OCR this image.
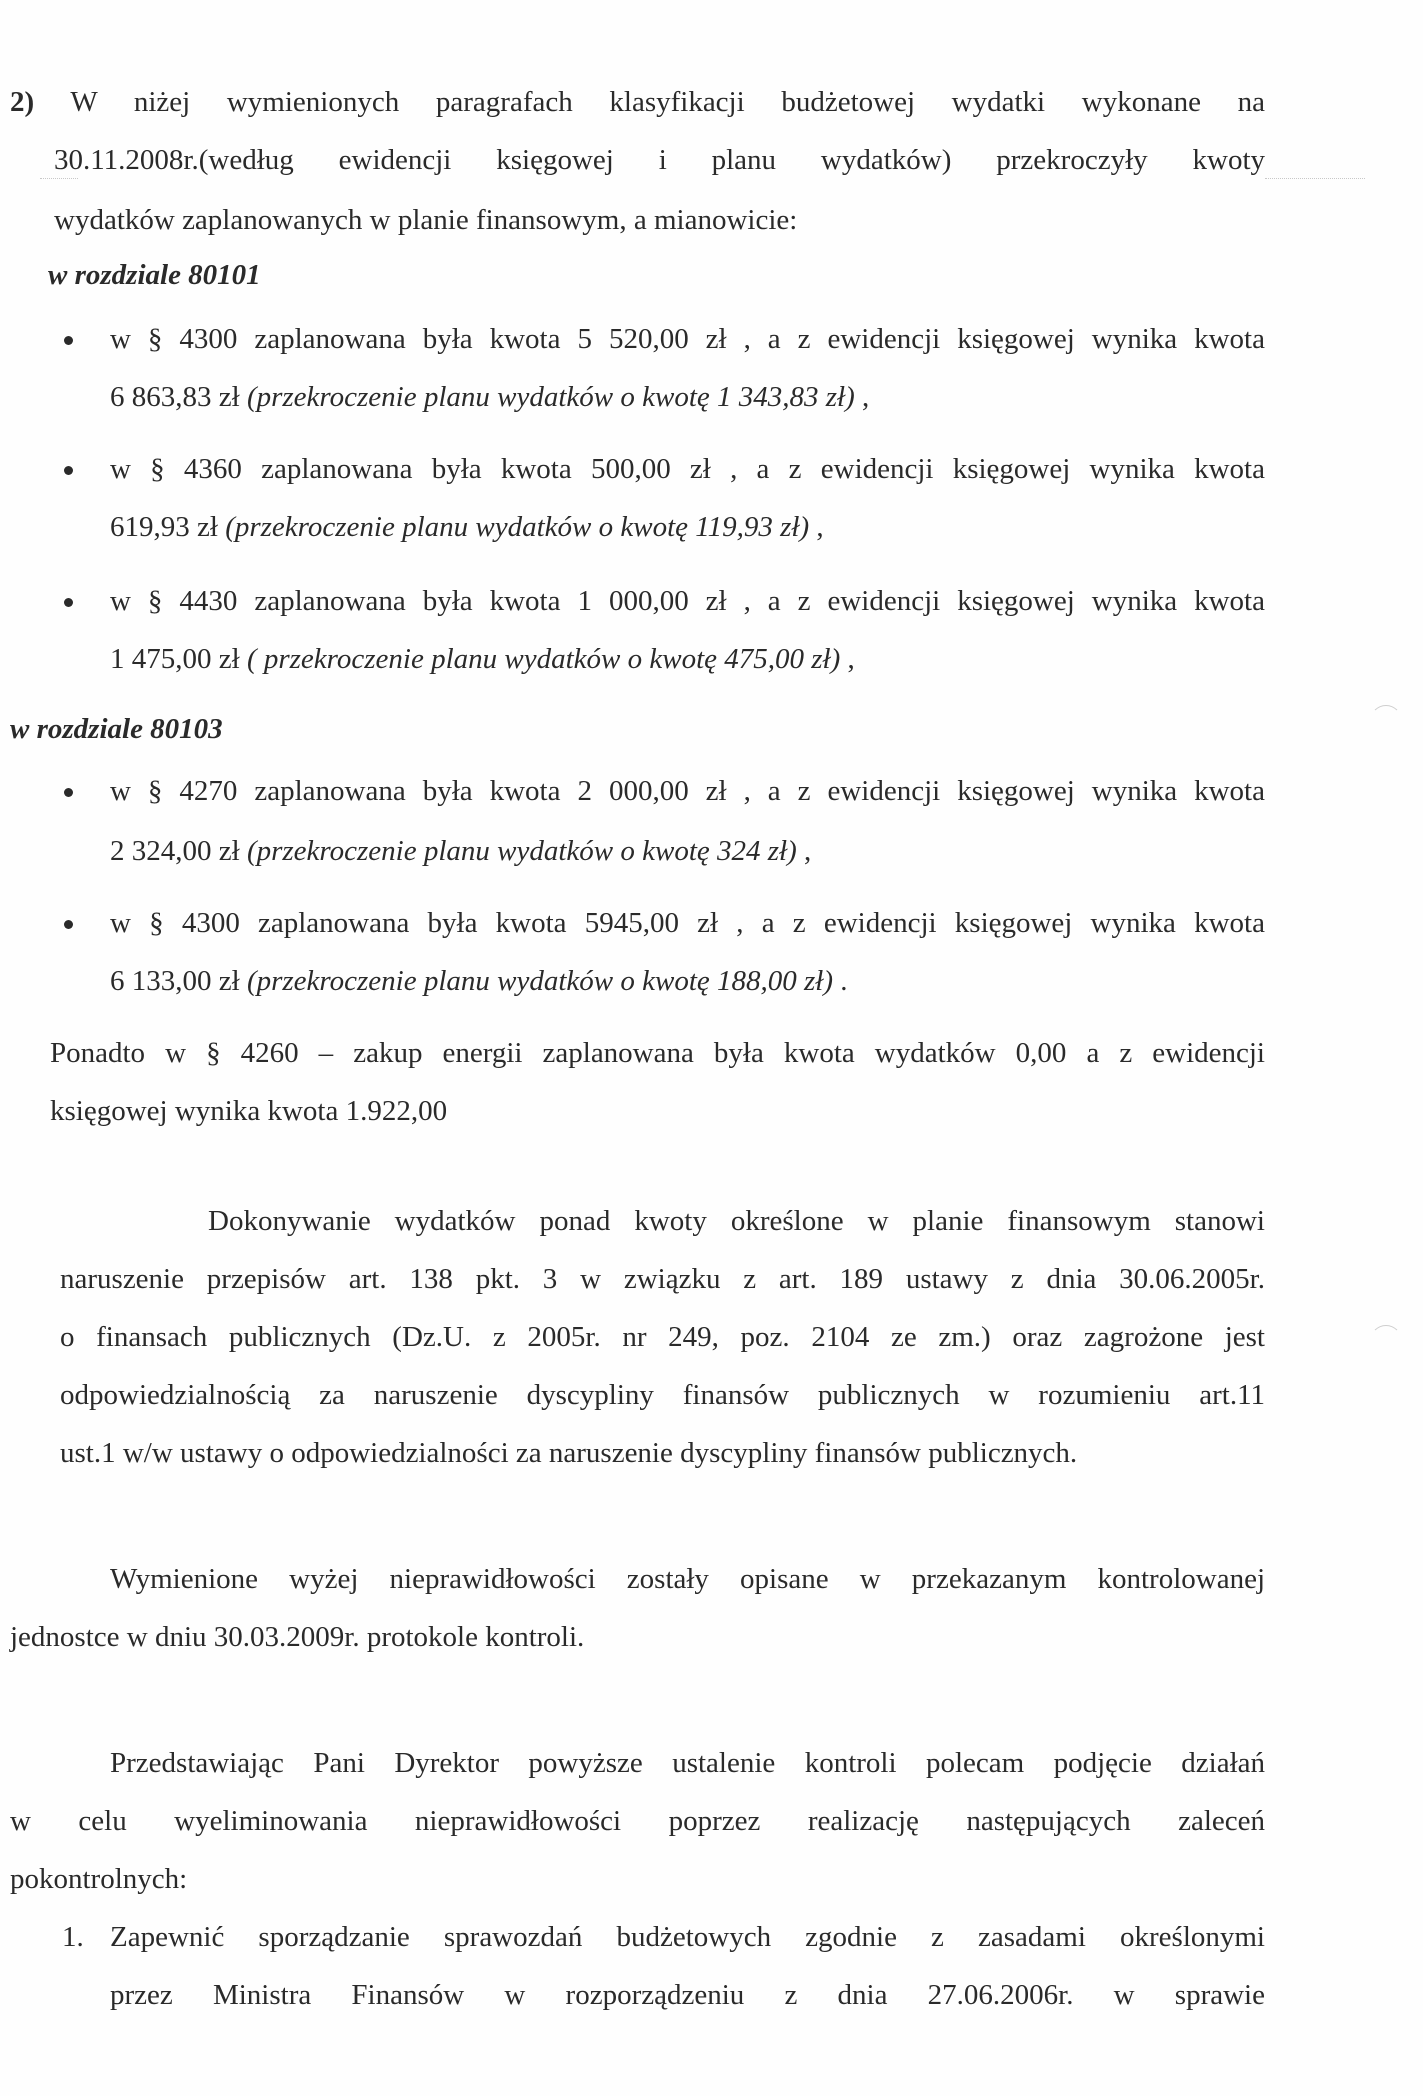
2) W niżej wymienionych paragrafach klasyfikacji budżetowej wydatki wykonane na
30.11.2008r.(według ewidencji księgowej i planu wydatków) przekroczyły kwoty
wydatków zaplanowanych w planie finansowym, a mianowicie:
w rozdziale 80101
w § 4300 zaplanowana była kwota 5 520,00 zł , a z ewidencji księgowej wynika kwota
6 863,83 zł (przekroczenie planu wydatków o kwotę 1 343,83 zł) ,
w § 4360 zaplanowana była kwota 500,00 zł , a z ewidencji księgowej wynika kwota
619,93 zł (przekroczenie planu wydatków o kwotę 119,93 zł) ,
w § 4430 zaplanowana była kwota 1 000,00 zł , a z ewidencji księgowej wynika kwota
1 475,00 zł ( przekroczenie planu wydatków o kwotę 475,00 zł) ,
w rozdziale 80103
w § 4270 zaplanowana była kwota 2 000,00 zł , a z ewidencji księgowej wynika kwota
2 324,00 zł (przekroczenie planu wydatków o kwotę 324 zł) ,
w § 4300 zaplanowana była kwota 5945,00 zł , a z ewidencji księgowej wynika kwota
6 133,00 zł (przekroczenie planu wydatków o kwotę 188,00 zł) .
Ponadto w § 4260 – zakup energii zaplanowana była kwota wydatków 0,00 a z ewidencji
księgowej wynika kwota 1.922,00
Dokonywanie wydatków ponad kwoty określone w planie finansowym stanowi
naruszenie przepisów art. 138 pkt. 3 w związku z art. 189 ustawy z dnia 30.06.2005r.
o finansach publicznych (Dz.U. z 2005r. nr 249, poz. 2104 ze zm.) oraz zagrożone jest
odpowiedzialnością za naruszenie dyscypliny finansów publicznych w rozumieniu art.11
ust.1 w/w ustawy o odpowiedzialności za naruszenie dyscypliny finansów publicznych.
Wymienione wyżej nieprawidłowości zostały opisane w przekazanym kontrolowanej
jednostce w dniu 30.03.2009r. protokole kontroli.
Przedstawiając Pani Dyrektor powyższe ustalenie kontroli polecam podjęcie działań
w celu wyeliminowania nieprawidłowości poprzez realizację następujących zaleceń
pokontrolnych:
1. Zapewnić sporządzanie sprawozdań budżetowych zgodnie z zasadami określonymi
przez Ministra Finansów w rozporządzeniu z dnia 27.06.2006r. w sprawie
